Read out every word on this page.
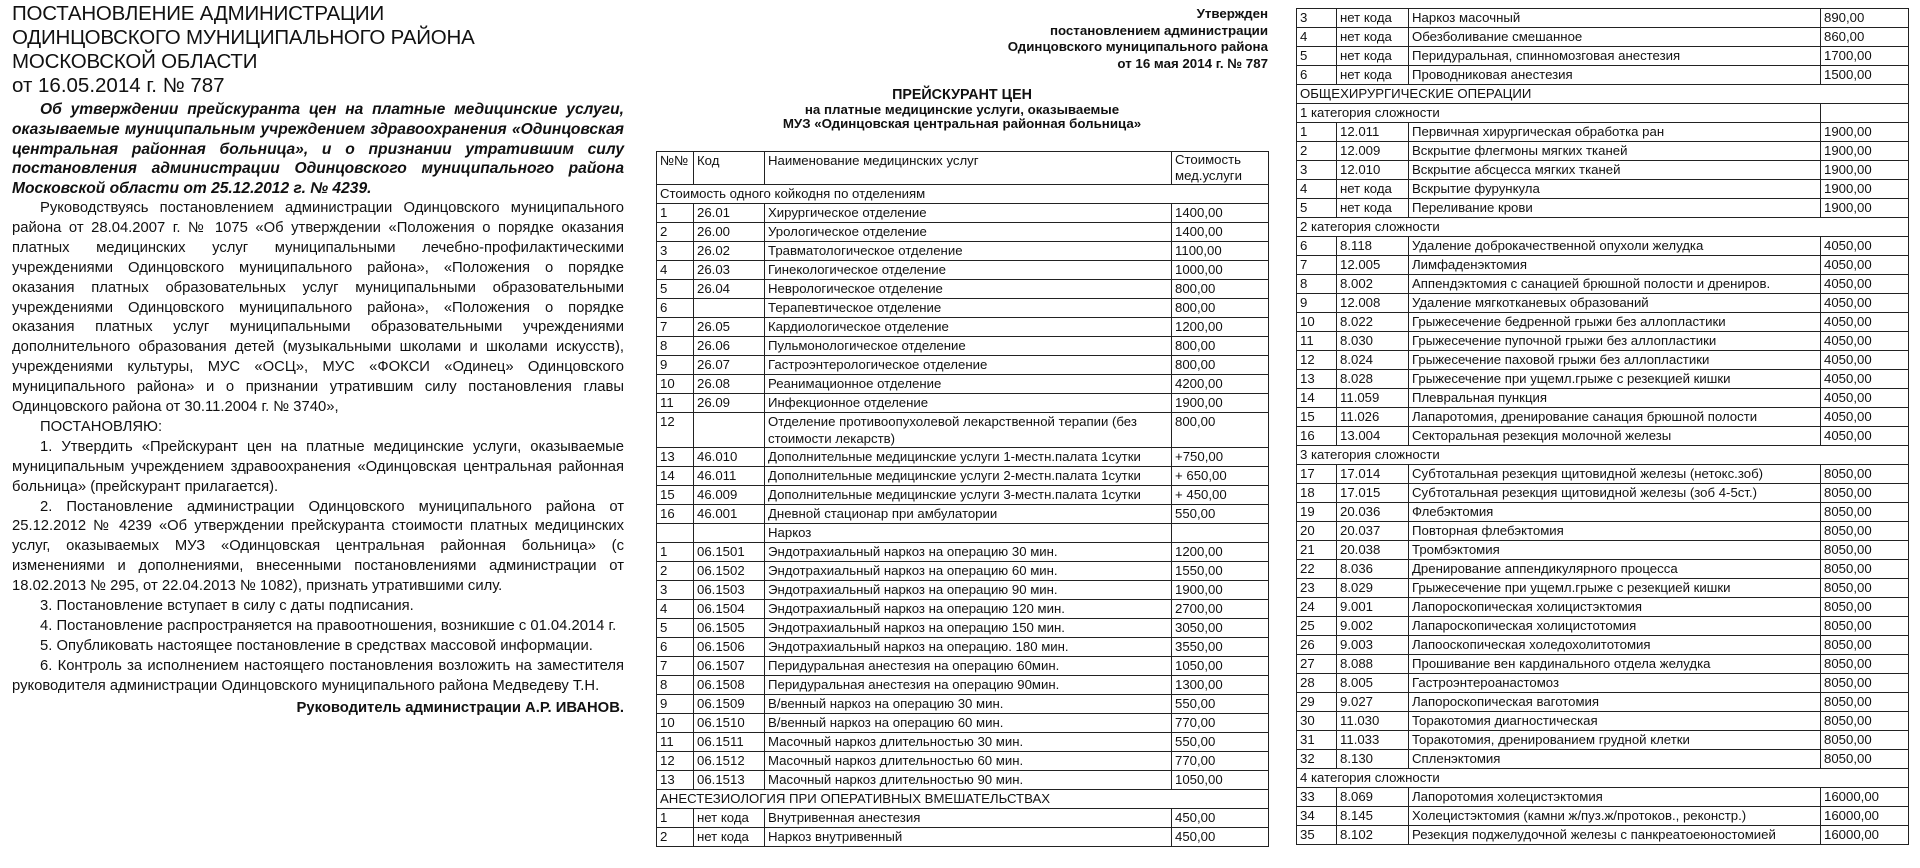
ПОСТАНОВЛЕНИЕ АДМИНИСТРАЦИИ
ОДИНЦОВСКОГО МУНИЦИПАЛЬНОГО РАЙОНА
МОСКОВСКОЙ ОБЛАСТИ
от 16.05.2014 г. № 787

Об утверждении прейскуранта цен на платные медицинские услуги, оказываемые муниципальным учреждением здравоохранения «Одинцовская центральная районная больница», и о признании утратившим силу постановления администрации Одинцовского муниципального района Московской области от 25.12.2012 г. № 4239.

Руководствуясь постановлением администрации Одинцовского муниципального района от 28.04.2007 г. № 1075 «Об утверждении «Положения о порядке оказания платных медицинских услуг муниципальными лечебно-профилактическими учреждениями Одинцовского муниципального района», «Положения о порядке оказания платных образовательных услуг муниципальными образовательными учреждениями Одинцовского муниципального района», «Положения о порядке оказания платных услуг муниципальными образовательными учреждениями дополнительного образования детей (музыкальными школами и школами искусств), учреждениями культуры, МУС «ОСЦ», МУС «ФОКСИ «Одинец» Одинцовского муниципального района» и о признании утратившим силу постановления главы Одинцовского района от 30.11.2004 г. № 3740»,

ПОСТАНОВЛЯЮ:

1. Утвердить «Прейскурант цен на платные медицинские услуги, оказываемые муниципальным учреждением здравоохранения «Одинцовская центральная районная больница» (прейскурант прилагается).

2. Постановление администрации Одинцовского муниципального района от 25.12.2012 № 4239 «Об утверждении прейскуранта стоимости платных медицинских услуг, оказываемых МУЗ «Одинцовская центральная районная больница» (с изменениями и дополнениями, внесенными постановлениями администрации от 18.02.2013 № 295, от 22.04.2013 № 1082), признать утратившими силу.

3. Постановление вступает в силу с даты подписания.

4. Постановление распространяется на правоотношения, возникшие с 01.04.2014 г.

5. Опубликовать настоящее постановление в средствах массовой информации.

6. Контроль за исполнением настоящего постановления возложить на заместителя руководителя администрации Одинцовского муниципального района Медведеву Т.Н.

Руководитель администрации А.Р. ИВАНОВ.
Утвержден
постановлением администрации
Одинцовского муниципального района
от 16 мая 2014 г. № 787
ПРЕЙСКУРАНТ ЦЕН
на платные медицинские услуги, оказываемые
МУЗ «Одинцовская центральная районная больница»
№№	Код	Наименование медицинских услуг	Стоимость
мед.услуги

Стоимость одного койкодня по отделениям			
1	26.01	Хирургическое отделение	1400,00
2	26.00	Урологическое отделение	1400,00
3	26.02	Травматологическое отделение	1100,00
4	26.03	Гинекологическое отделение	1000,00
5	26.04	Неврологическое отделение	800,00
6		Терапевтическое отделение	800,00
7	26.05	Кардиологическое отделение	1200,00
8	26.06	Пульмонологическое отделение	800,00
9	26.07	Гастроэнтерологическое отделение	800,00
10	26.08	Реанимационное отделение	4200,00
11	26.09	Инфекционное отделение	1900,00
12		Отделение противоопухолевой лекарственной терапии (без стоимости лекарств)	800,00
13	46.010	Дополнительные медицинские услуги 1-местн.палата 1сутки	+750,00
14	46.011	Дополнительные медицинские услуги 2-местн.палата 1сутки	+ 650,00
15	46.009	Дополнительные медицинские услуги 3-местн.палата 1сутки	+ 450,00
16	46.001	Дневной стационар при амбулатории	550,00
		Наркоз	
1	06.1501	Эндотрахиальный наркоз на операцию 30 мин.	1200,00
2	06.1502	Эндотрахиальный наркоз на операцию 60 мин.	1550,00
3	06.1503	Эндотрахиальный наркоз на операцию 90 мин.	1900,00
4	06.1504	Эндотрахиальный наркоз на операцию 120 мин.	2700,00
5	06.1505	Эндотрахиальный наркоз на операцию 150 мин.	3050,00
6	06.1506	Эндотрахиальный наркоз на операцию. 180 мин.	3550,00
7	06.1507	Перидуральная анестезия на операцию 60мин.	1050,00
8	06.1508	Перидуральная анестезия на операцию 90мин.	1300,00
9	06.1509	В/венный наркоз на операцию 30 мин.	550,00
10	06.1510	В/венный наркоз на операцию 60 мин.	770,00
11	06.1511	Масочный наркоз длительностью 30 мин.	550,00
12	06.1512	Масочный наркоз длительностью 60 мин.	770,00
13	06.1513	Масочный наркоз длительностью 90 мин.	1050,00
АНЕСТЕЗИОЛОГИЯ ПРИ ОПЕРАТИВНЫХ ВМЕШАТЕЛЬСТВАХ			
1	нет кода	Внутривенная анестезия	450,00
2	нет кода	Наркоз внутривенный	450,00
3	нет кода	Наркоз масочный	890,00
4	нет кода	Обезболивание смешанное	860,00
5	нет кода	Перидуральная, спинномозговая анестезия	1700,00
6	нет кода	Проводниковая анестезия	1500,00
ОБЩЕХИРУРГИЧЕСКИЕ ОПЕРАЦИИ			
1 категория сложности			
1	12.011	Первичная хирургическая обработка ран	1900,00
2	12.009	Вскрытие флегмоны мягких тканей	1900,00
3	12.010	Вскрытие абсцесса мягких тканей	1900,00
4	нет кода	Вскрытие фурункула	1900,00
5	нет кода	Переливание крови	1900,00
2 категория сложности			
6	8.118	Удаление доброкачественной опухоли желудка	4050,00
7	12.005	Лимфаденэктомия	4050,00
8	8.002	Аппендэктомия с санацией брюшной полости и дрениров.	4050,00
9	12.008	Удаление мягкотканевых образований	4050,00
10	8.022	Грыжесечение бедренной грыжи без аллопластики	4050,00
11	8.030	Грыжесечение пупочной грыжи без аллопластики	4050,00
12	8.024	Грыжесечение паховой грыжи без аллопластики	4050,00
13	8.028	Грыжесечение при ущемл.грыже с резекцией кишки	4050,00
14	11.059	Плевральная пункция	4050,00
15	11.026	Лапаротомия, дренирование санация брюшной полости	4050,00
16	13.004	Секторальная резекция молочной железы	4050,00
3 категория сложности			
17	17.014	Субтотальная резекция щитовидной железы (нетокс.зоб)	8050,00
18	17.015	Субтотальная резекция щитовидной железы (зоб 4-5ст.)	8050,00
19	20.036	Флебэктомия	8050,00
20	20.037	Повторная флебэктомия	8050,00
21	20.038	Тромбэктомия	8050,00
22	8.036	Дренирование аппендикулярного процесса	8050,00
23	8.029	Грыжесечение при ущемл.грыже с резекцией кишки	8050,00
24	9.001	Лапороскопическая холицистэктомия	8050,00
25	9.002	Лапароскопическая холицистотомия	8050,00
26	9.003	Лапооскопическая холедохолитотомия	8050,00
27	8.088	Прошивание вен кардинального отдела желудка	8050,00
28	8.005	Гастроэнтероанастомоз	8050,00
29	9.027	Лапороскопическая ваготомия	8050,00
30	11.030	Торакотомия диагностическая	8050,00
31	11.033	Торакотомия, дренированием грудной клетки	8050,00
32	8.130	Спленэктомия	8050,00
4 категория сложности			
33	8.069	Лапоротомия холецистэктомия	16000,00
34	8.145	Холецистэктомия (камни ж/пуз.ж/протоков., реконстр.)	16000,00
35	8.102	Резекция поджелудочной железы с панкреатоеюностомией	16000,00
